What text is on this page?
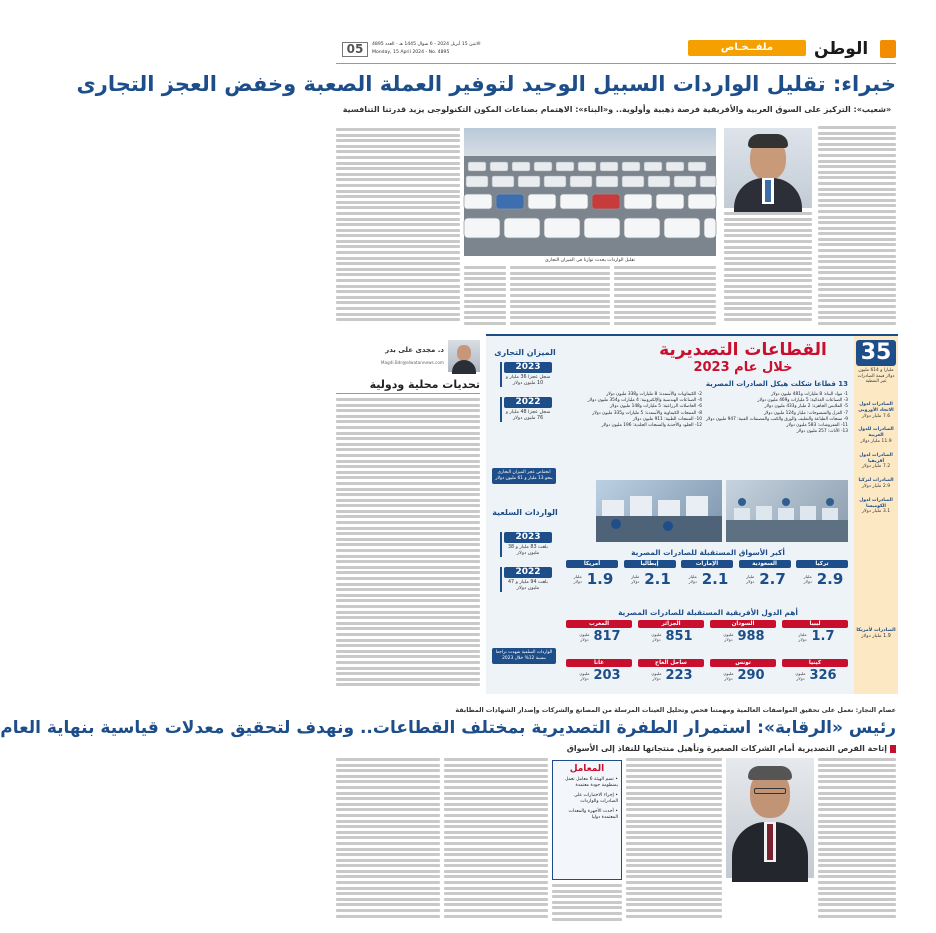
05	الاثنين 15 أبريل 2024 - 6 شوال 1445 هـ - العدد 4895
Monday, 15 April 2024 - No. 4895	ملفــخـاص	الوطن
خبراء: تقليل الواردات السبيل الوحيد لتوفير العملة الصعبة وخفض العجز التجارى
«شعيب»: التركيز على السوق العربية والأفريقية فرصة ذهبية وأولوية.. و«البناء»: الاهتمام بصناعات المكون التكنولوجى يزيد قدرتنا التنافسية
تقليل الواردات يحدث توازنا فى الميزان التجارى
35
مليارا و 614 مليون دولار قيمة الصادرات غير النفطية
الصادرات لدول الاتحاد الأوروبى
7.6 مليار دولار
الصادرات للدول العربية
11.9 مليار دولار
الصادرات لدول أفريقيا
7.2 مليار دولار
الصادرات لتركيا
2.9 مليار دولار
الصادرات لدول الكوميسا
3.1 مليار دولار
القطاعات التصديرية
خلال عام 2023
13 قطاعا شكلت هيكل الصادرات المصرية
1- مواد البناء: 8 مليارات و481 مليون دولار
2- الكيماويات والأسمدة: 8 مليارات و338 مليون دولار
3- الصناعات الغذائية: 5 مليارات و469 مليون دولار
4- الصناعات الهندسية والإلكترونية: 4 مليارات و354 مليون دولار
5- الملابس الجاهزة: 2 مليار و433 مليون دولار
6- الحاصلات الزراعية: 5 مليارات و148 مليون دولار
7- الغزل والمنسوجات: مليار و124 مليون دولار
8- المنتجات الكيماوية والأسمدة: 5 مليارات و335 مليون دولار
9- منتجات الطباعة والتغليف والورق والكتب والمصنفات الفنية: 947 مليون دولار
10- المنتجات الطبية: 911 مليون دولار
11- المفروشات: 583 مليون دولار
12- الجلود والأحذية والمنتجات الجلدية: 196 مليون دولار
13- الأثاث: 257 مليون دولار
الميزان التجارى
2023
سجل عجزا 36 مليار و 10 مليون دولار
2022
سجل عجزا 48 مليار و 76 مليون دولار
انخفاض عجز الميزان التجارى بنحو 13 مليار و 61 مليون دولار
الواردات السلعية
2023
بلغت 83 مليار و 38 مليون دولار
2022
بلغت 94 مليار و 47 مليون دولار
الواردات السلعية شهدت تراجعا بنسبة 12% خلال 2023
أكبر الأسواق المستقبلة للصادرات المصرية
تركيا
2.9
مليار دولار
السعودية
2.7
مليار دولار
الإمارات
2.1
مليار دولار
إيطاليا
2.1
مليار دولار
أمريكا
1.9
مليار دولار
أهم الدول الأفريقية المستقبلة للصادرات المصرية
ليبيا
1.7
مليار دولار
السودان
988
مليون دولار
الجزائر
851
مليون دولار
المغرب
817
مليون دولار
كينيا
326
مليون دولار
تونس
290
مليون دولار
ساحل العاج
223
مليون دولار
غانا
203
مليون دولار
الصادرات لأمريكا
1.9 مليار دولار
د. مجدى على بدر
Magdi.Bdr@elwatannews.com
تحديات محلية ودولية
عصام النجار: نعمل على تحقيق المواصفات العالمية ومهمتنا فحص وتحليل العينات المرسلة من المصانع والشركات وإصدار الشهادات المطابقة
رئيس «الرقابة»: استمرار الطفرة التصديرية بمختلف القطاعات.. ونهدف لتحقيق معدلات قياسية بنهاية العام
إتاحة الفرص التصديرية أمام الشركات الصغيرة وتأهيل منتجاتها للنفاذ إلى الأسواق
المعامل
• تضم الهيئة 6 معامل تعمل بمنظومة جودة معتمدة
• إجراء الاختبارات على الصادرات والواردات
• أحدث الأجهزة والمعدات المعتمدة دوليا
